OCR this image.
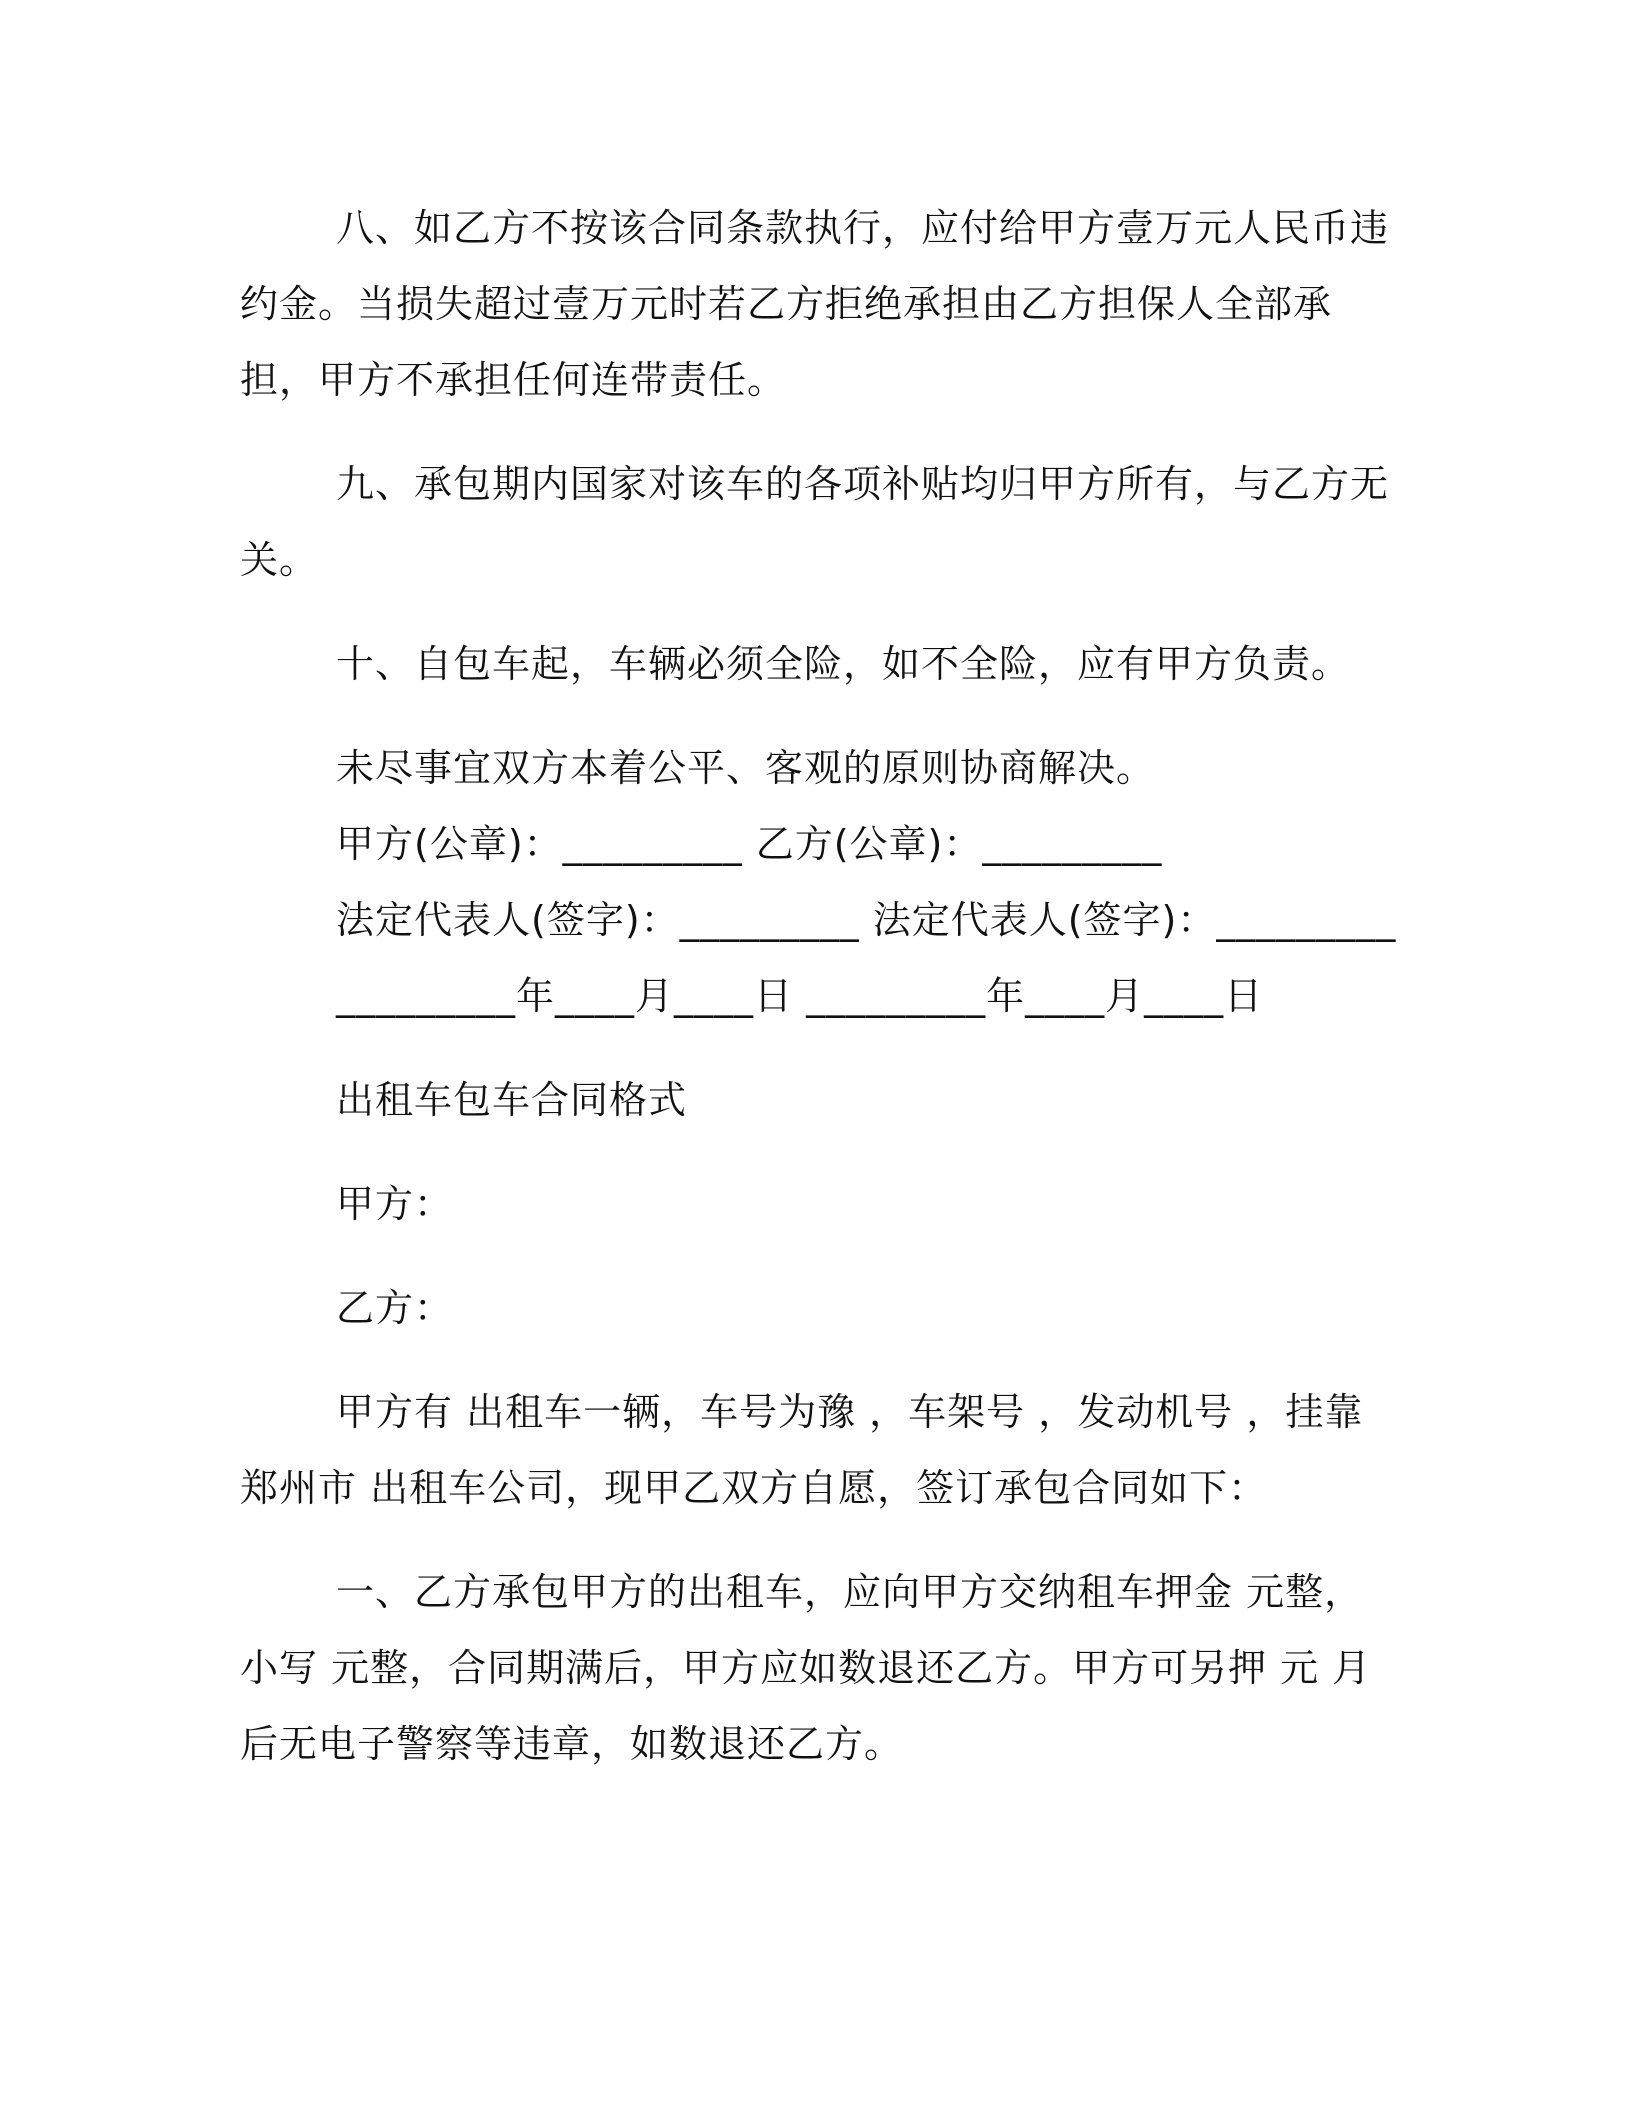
八、如乙方不按该合同条款执行，应付给甲方壹万元人民币违约金。当损失超过壹万元时若乙方拒绝承担由乙方担保人全部承担，甲方不承担任何连带责任。

九、承包期内国家对该车的各项补贴均归甲方所有，与乙方无关。

十、自包车起，车辆必须全险，如不全险，应有甲方负责。

未尽事宜双方本着公平、客观的原则协商解决。

甲方(公章)：_________ 乙方(公章)：_________

法定代表人(签字)：_________ 法定代表人(签字)：_________

_________年____月____日 _________年____月____日

出租车包车合同格式

甲方：

乙方：

甲方有 出租车一辆，车号为豫 ，车架号 ，发动机号 ，挂靠郑州市 出租车公司，现甲乙双方自愿，签订承包合同如下：

一、乙方承包甲方的出租车，应向甲方交纳租车押金 元整，小写 元整，合同期满后，甲方应如数退还乙方。甲方可另押 元 月后无电子警察等违章，如数退还乙方。
